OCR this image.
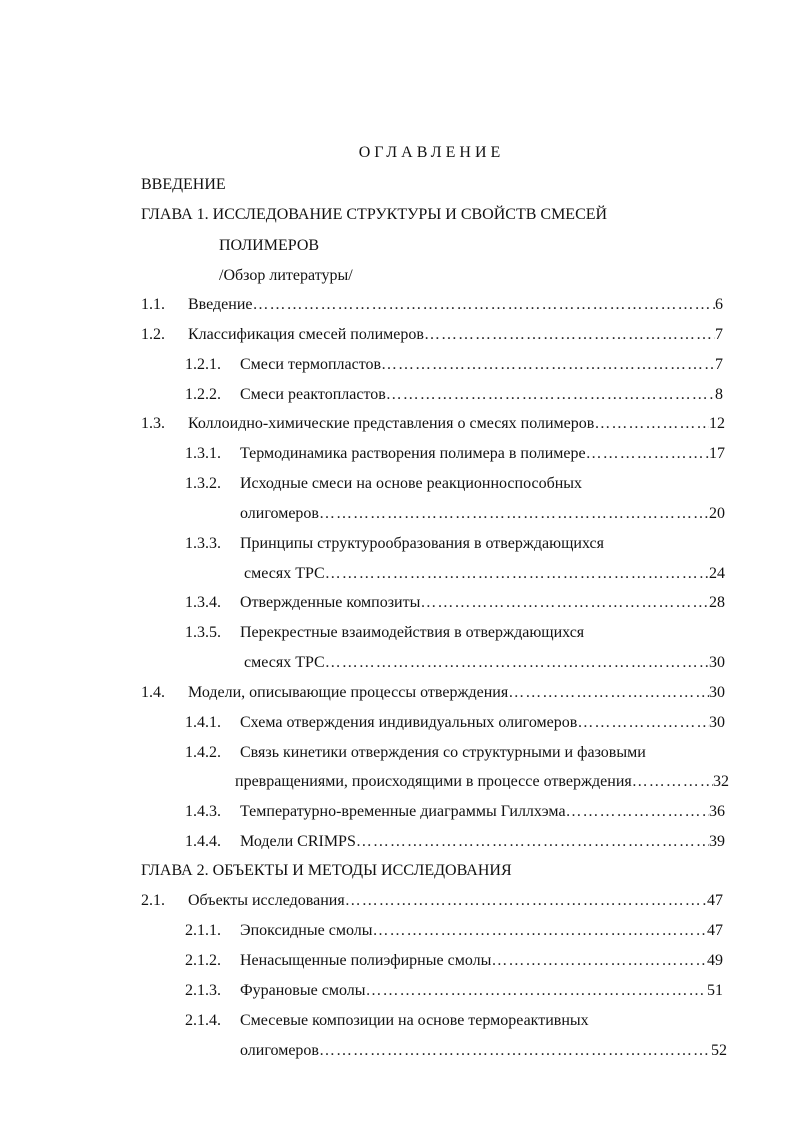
ОГЛАВЛЕНИЕ
ВВЕДЕНИЕ
ГЛАВА 1. ИССЛЕДОВАНИЕ СТРУКТУРЫ И СВОЙСТВ СМЕСЕЙ
ПОЛИМЕРОВ
/Обзор литературы/
1.1. Введение ………………………………………………………………………………………………………………………………………………………………………………	6
1.2. Классификация смесей полимеров ………………………………………………………………………………………………………………………………………………………………………………	7
1.2.1. Смеси термопластов ………………………………………………………………………………………………………………………………………………………………………………	7
1.2.2. Смеси реактопластов ………………………………………………………………………………………………………………………………………………………………………………	8
1.3. Коллоидно-химические представления о смесях полимеров ………………………………………………………………………………………………………………………………………………………………………………	12
1.3.1. Термодинамика растворения полимера в полимере ………………………………………………………………………………………………………………………………………………………………………………	17
1.3.2. Исходные смеси на основе реакционноспособных
олигомеров ………………………………………………………………………………………………………………………………………………………………………………	20
1.3.3. Принципы структурообразования в отверждающихся
смесях ТРС ………………………………………………………………………………………………………………………………………………………………………………	24
1.3.4. Отвержденные композиты ………………………………………………………………………………………………………………………………………………………………………………	28
1.3.5. Перекрестные взаимодействия в отверждающихся
смесях ТРС ………………………………………………………………………………………………………………………………………………………………………………	30
1.4. Модели, описывающие процессы отверждения ………………………………………………………………………………………………………………………………………………………………………………	30
1.4.1. Схема отверждения индивидуальных олигомеров ………………………………………………………………………………………………………………………………………………………………………………	30
1.4.2. Связь кинетики отверждения со структурными и фазовыми
превращениями, происходящими в процессе отверждения ………………………………………………………………………………………………………………………………………………………………………………	32
1.4.3. Температурно-временные диаграммы Гиллхэма ………………………………………………………………………………………………………………………………………………………………………………	36
1.4.4. Модели CRIMPS ………………………………………………………………………………………………………………………………………………………………………………	39
ГЛАВА 2. ОБЪЕКТЫ И МЕТОДЫ ИССЛЕДОВАНИЯ
2.1. Объекты исследования ………………………………………………………………………………………………………………………………………………………………………………	47
2.1.1. Эпоксидные смолы ………………………………………………………………………………………………………………………………………………………………………………	47
2.1.2. Ненасыщенные полиэфирные смолы ………………………………………………………………………………………………………………………………………………………………………………	49
2.1.3. Фурановые смолы ………………………………………………………………………………………………………………………………………………………………………………	51
2.1.4. Смесевые композиции на основе термореактивных
олигомеров ………………………………………………………………………………………………………………………………………………………………………………	52
